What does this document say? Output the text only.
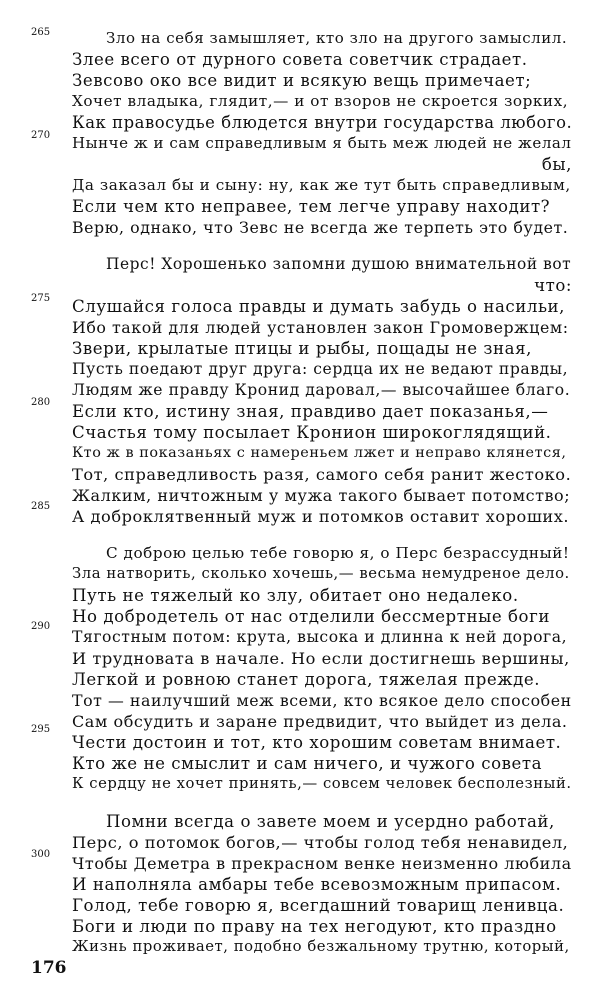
265
270
275
280
285
290
295
300
Зло на себя замышляет, кто зло на другого замыслил.
Злее всего от дурного совета советчик страдает.
Зевсово око все видит и всякую вещь примечает;
Хочет владыка, глядит,— и от взоров не скроется зорких,
Как правосудье блюдется внутри государства любого.
Нынче ж и сам справедливым я быть меж людей не желал
бы,
Да заказал бы и сыну: ну, как же тут быть справедливым,
Если чем кто неправее, тем легче управу находит?
Верю, однако, что Зевс не всегда же терпеть это будет.
Перс! Хорошенько запомни душою внимательной вот
что:
Слушайся голоса правды и думать забудь о насильи,
Ибо такой для людей установлен закон Громовержцем:
Звери, крылатые птицы и рыбы, пощады не зная,
Пусть поедают друг друга: сердца их не ведают правды,
Людям же правду Кронид даровал,— высочайшее благо.
Если кто, истину зная, правдиво дает показанья,—
Счастья тому посылает Кронион широкоглядящий.
Кто ж в показаньях с намереньем лжет и неправо клянется,
Тот, справедливость разя, самого себя ранит жестоко.
Жалким, ничтожным у мужа такого бывает потомство;
А доброклятвенный муж и потомков оставит хороших.
С доброю целью тебе говорю я, о Перс безрассудный!
Зла натворить, сколько хочешь,— весьма немудреное дело.
Путь не тяжелый ко злу, обитает оно недалеко.
Но добродетель от нас отделили бессмертные боги
Тягостным потом: крута, высока и длинна к ней дорога,
И трудновата в начале. Но если достигнешь вершины,
Легкой и ровною станет дорога, тяжелая прежде.
Тот — наилучший меж всеми, кто всякое дело способен
Сам обсудить и заране предвидит, что выйдет из дела.
Чести достоин и тот, кто хорошим советам внимает.
Кто же не смыслит и сам ничего, и чужого совета
К сердцу не хочет принять,— совсем человек бесполезный.
Помни всегда о завете моем и усердно работай,
Перс, о потомок богов,— чтобы голод тебя ненавидел,
Чтобы Деметра в прекрасном венке неизменно любила
И наполняла амбары тебе всевозможным припасом.
Голод, тебе говорю я, всегдашний товарищ ленивца.
Боги и люди по праву на тех негодуют, кто праздно
Жизнь проживает, подобно безжальному трутню, который,
176
